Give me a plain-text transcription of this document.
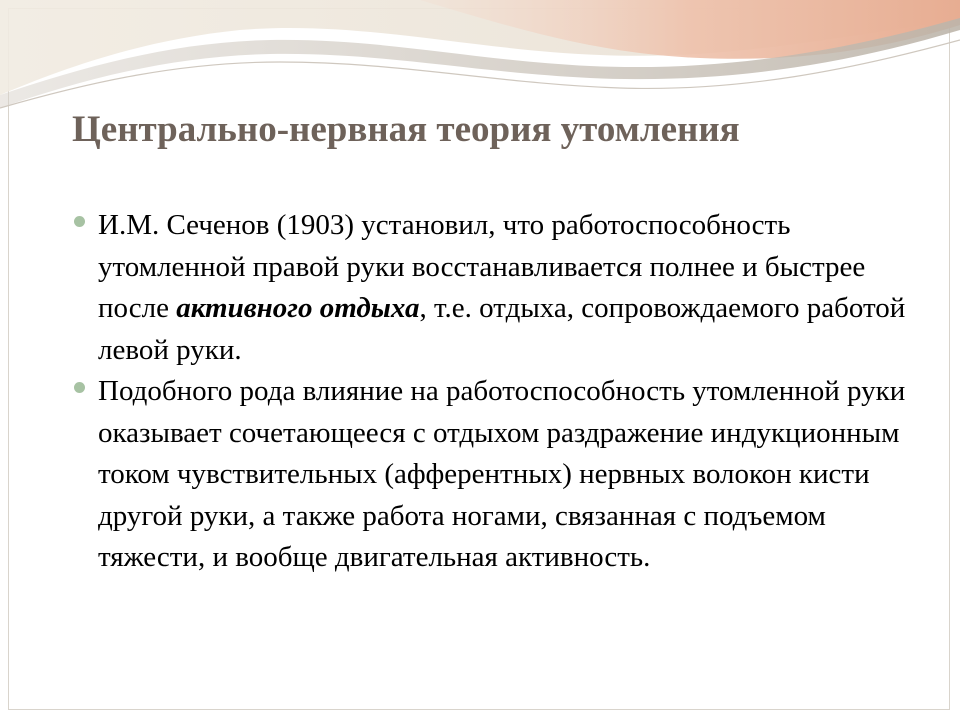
Центрально-нервная теория утомления
И.М. Сеченов (1903) установил, что работоспособность утомленной правой руки восстанавливается полнее и быстрее после активного отдыха, т.е. отдыха, сопровождаемого работой левой руки.
Подобного рода влияние на работоспособность утомленной руки оказывает сочетающееся с отдыхом раздражение индукционным током чувствительных (афферентных) нервных волокон кисти другой руки, а также работа ногами, связанная с подъемом тяжести, и вообще двигательная активность.
